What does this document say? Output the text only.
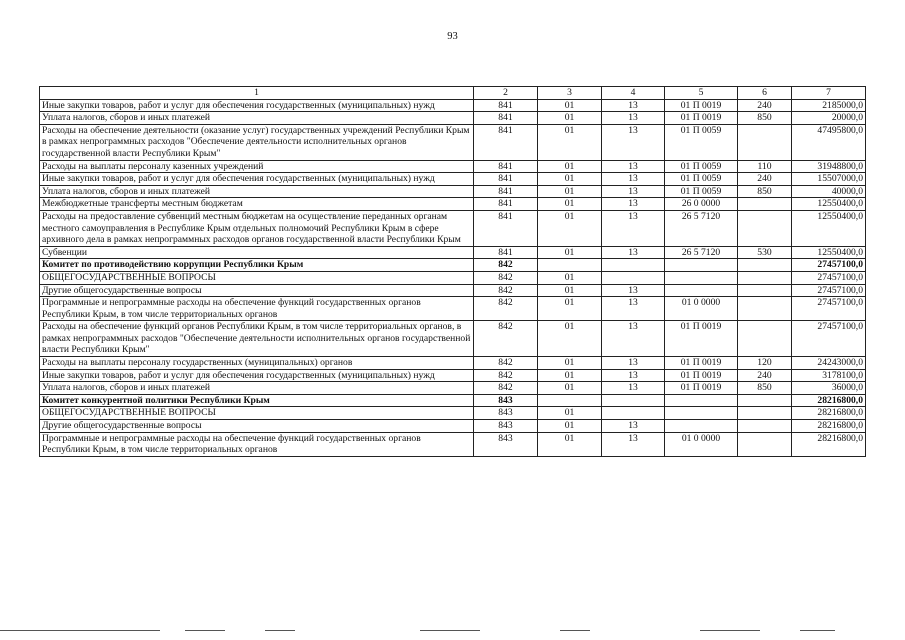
93
1	2	3	4	5	6	7
Иные закупки товаров, работ и услуг для обеспечения государственных (муниципальных) нужд	841	01	13	01 П 0019	240	2185000,0
Уплата налогов, сборов и иных платежей	841	01	13	01 П 0019	850	20000,0
Расходы на обеспечение деятельности (оказание услуг) государственных учреждений Республики Крым в рамках непрограммных расходов "Обеспечение деятельности исполнительных органов государственной власти Республики Крым"	841	01	13	01 П 0059		47495800,0
Расходы на выплаты персоналу казенных учреждений	841	01	13	01 П 0059	110	31948800,0
Иные закупки товаров, работ и услуг для обеспечения государственных (муниципальных) нужд	841	01	13	01 П 0059	240	15507000,0
Уплата налогов, сборов и иных платежей	841	01	13	01 П 0059	850	40000,0
Межбюджетные трансферты местным бюджетам	841	01	13	26 0 0000		12550400,0
Расходы на предоставление субвенций местным бюджетам на осуществление переданных органам местного самоуправления в Республике Крым отдельных полномочий Республики Крым в сфере архивного дела в рамках непрограммных расходов органов государственной власти Республики Крым	841	01	13	26 5 7120		12550400,0
Субвенции	841	01	13	26 5 7120	530	12550400,0
Комитет по противодействию коррупции Республики Крым	842					27457100,0
ОБЩЕГОСУДАРСТВЕННЫЕ ВОПРОСЫ	842	01				27457100,0
Другие общегосударственные вопросы	842	01	13			27457100,0
Программные и непрограммные расходы на обеспечение функций государственных органов Республики Крым, в том числе территориальных органов	842	01	13	01 0 0000		27457100,0
Расходы на обеспечение функций органов Республики Крым, в том числе территориальных органов, в рамках непрограммных расходов "Обеспечение деятельности исполнительных органов государственной власти Республики Крым"	842	01	13	01 П 0019		27457100,0
Расходы на выплаты персоналу государственных (муниципальных) органов	842	01	13	01 П 0019	120	24243000,0
Иные закупки товаров, работ и услуг для обеспечения государственных (муниципальных) нужд	842	01	13	01 П 0019	240	3178100,0
Уплата налогов, сборов и иных платежей	842	01	13	01 П 0019	850	36000,0
Комитет конкурентной политики Республики Крым	843					28216800,0
ОБЩЕГОСУДАРСТВЕННЫЕ ВОПРОСЫ	843	01				28216800,0
Другие общегосударственные вопросы	843	01	13			28216800,0
Программные и непрограммные расходы на обеспечение функций государственных органов Республики Крым, в том числе территориальных органов	843	01	13	01 0 0000		28216800,0
